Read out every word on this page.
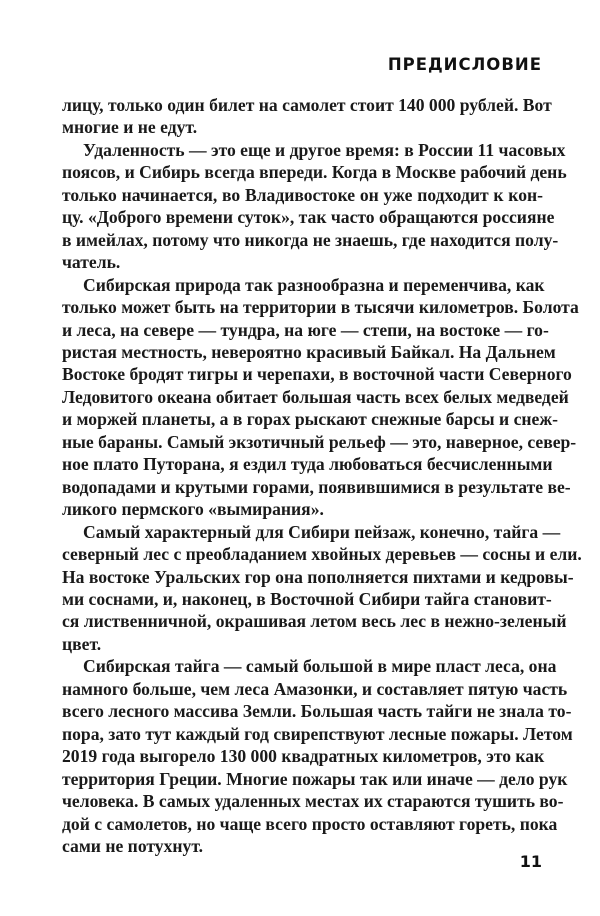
ПРЕДИСЛОВИЕ
лицу, только один билет на самолет стоит 140 000 рублей. Вот
многие и не едут.
Удаленность — это еще и другое время: в России 11 часовых
поясов, и Сибирь всегда впереди. Когда в Москве рабочий день
только начинается, во Владивостоке он уже подходит к кон-
цу. «Доброго времени суток», так часто обращаются россияне
в имейлах, потому что никогда не знаешь, где находится полу-
чатель.
Сибирская природа так разнообразна и переменчива, как
только может быть на территории в тысячи километров. Болота
и леса, на севере — тундра, на юге — степи, на востоке — го-
ристая местность, невероятно красивый Байкал. На Дальнем
Востоке бродят тигры и черепахи, в восточной части Северного
Ледовитого океана обитает большая часть всех белых медведей
и моржей планеты, а в горах рыскают снежные барсы и снеж-
ные бараны. Самый экзотичный рельеф — это, наверное, север-
ное плато Путорана, я ездил туда любоваться бесчисленными
водопадами и крутыми горами, появившимися в результате ве-
ликого пермского «вымирания».
Самый характерный для Сибири пейзаж, конечно, тайга —
северный лес с преобладанием хвойных деревьев — сосны и ели.
На востоке Уральских гор она пополняется пихтами и кедровы-
ми соснами, и, наконец, в Восточной Сибири тайга становит-
ся лиственничной, окрашивая летом весь лес в нежно-зеленый
цвет.
Сибирская тайга — самый большой в мире пласт леса, она
намного больше, чем леса Амазонки, и составляет пятую часть
всего лесного массива Земли. Большая часть тайги не знала то-
пора, зато тут каждый год свирепствуют лесные пожары. Летом
2019 года выгорело 130 000 квадратных километров, это как
территория Греции. Многие пожары так или иначе — дело рук
человека. В самых удаленных местах их стараются тушить во-
дой с самолетов, но чаще всего просто оставляют гореть, пока
сами не потухнут.
11
